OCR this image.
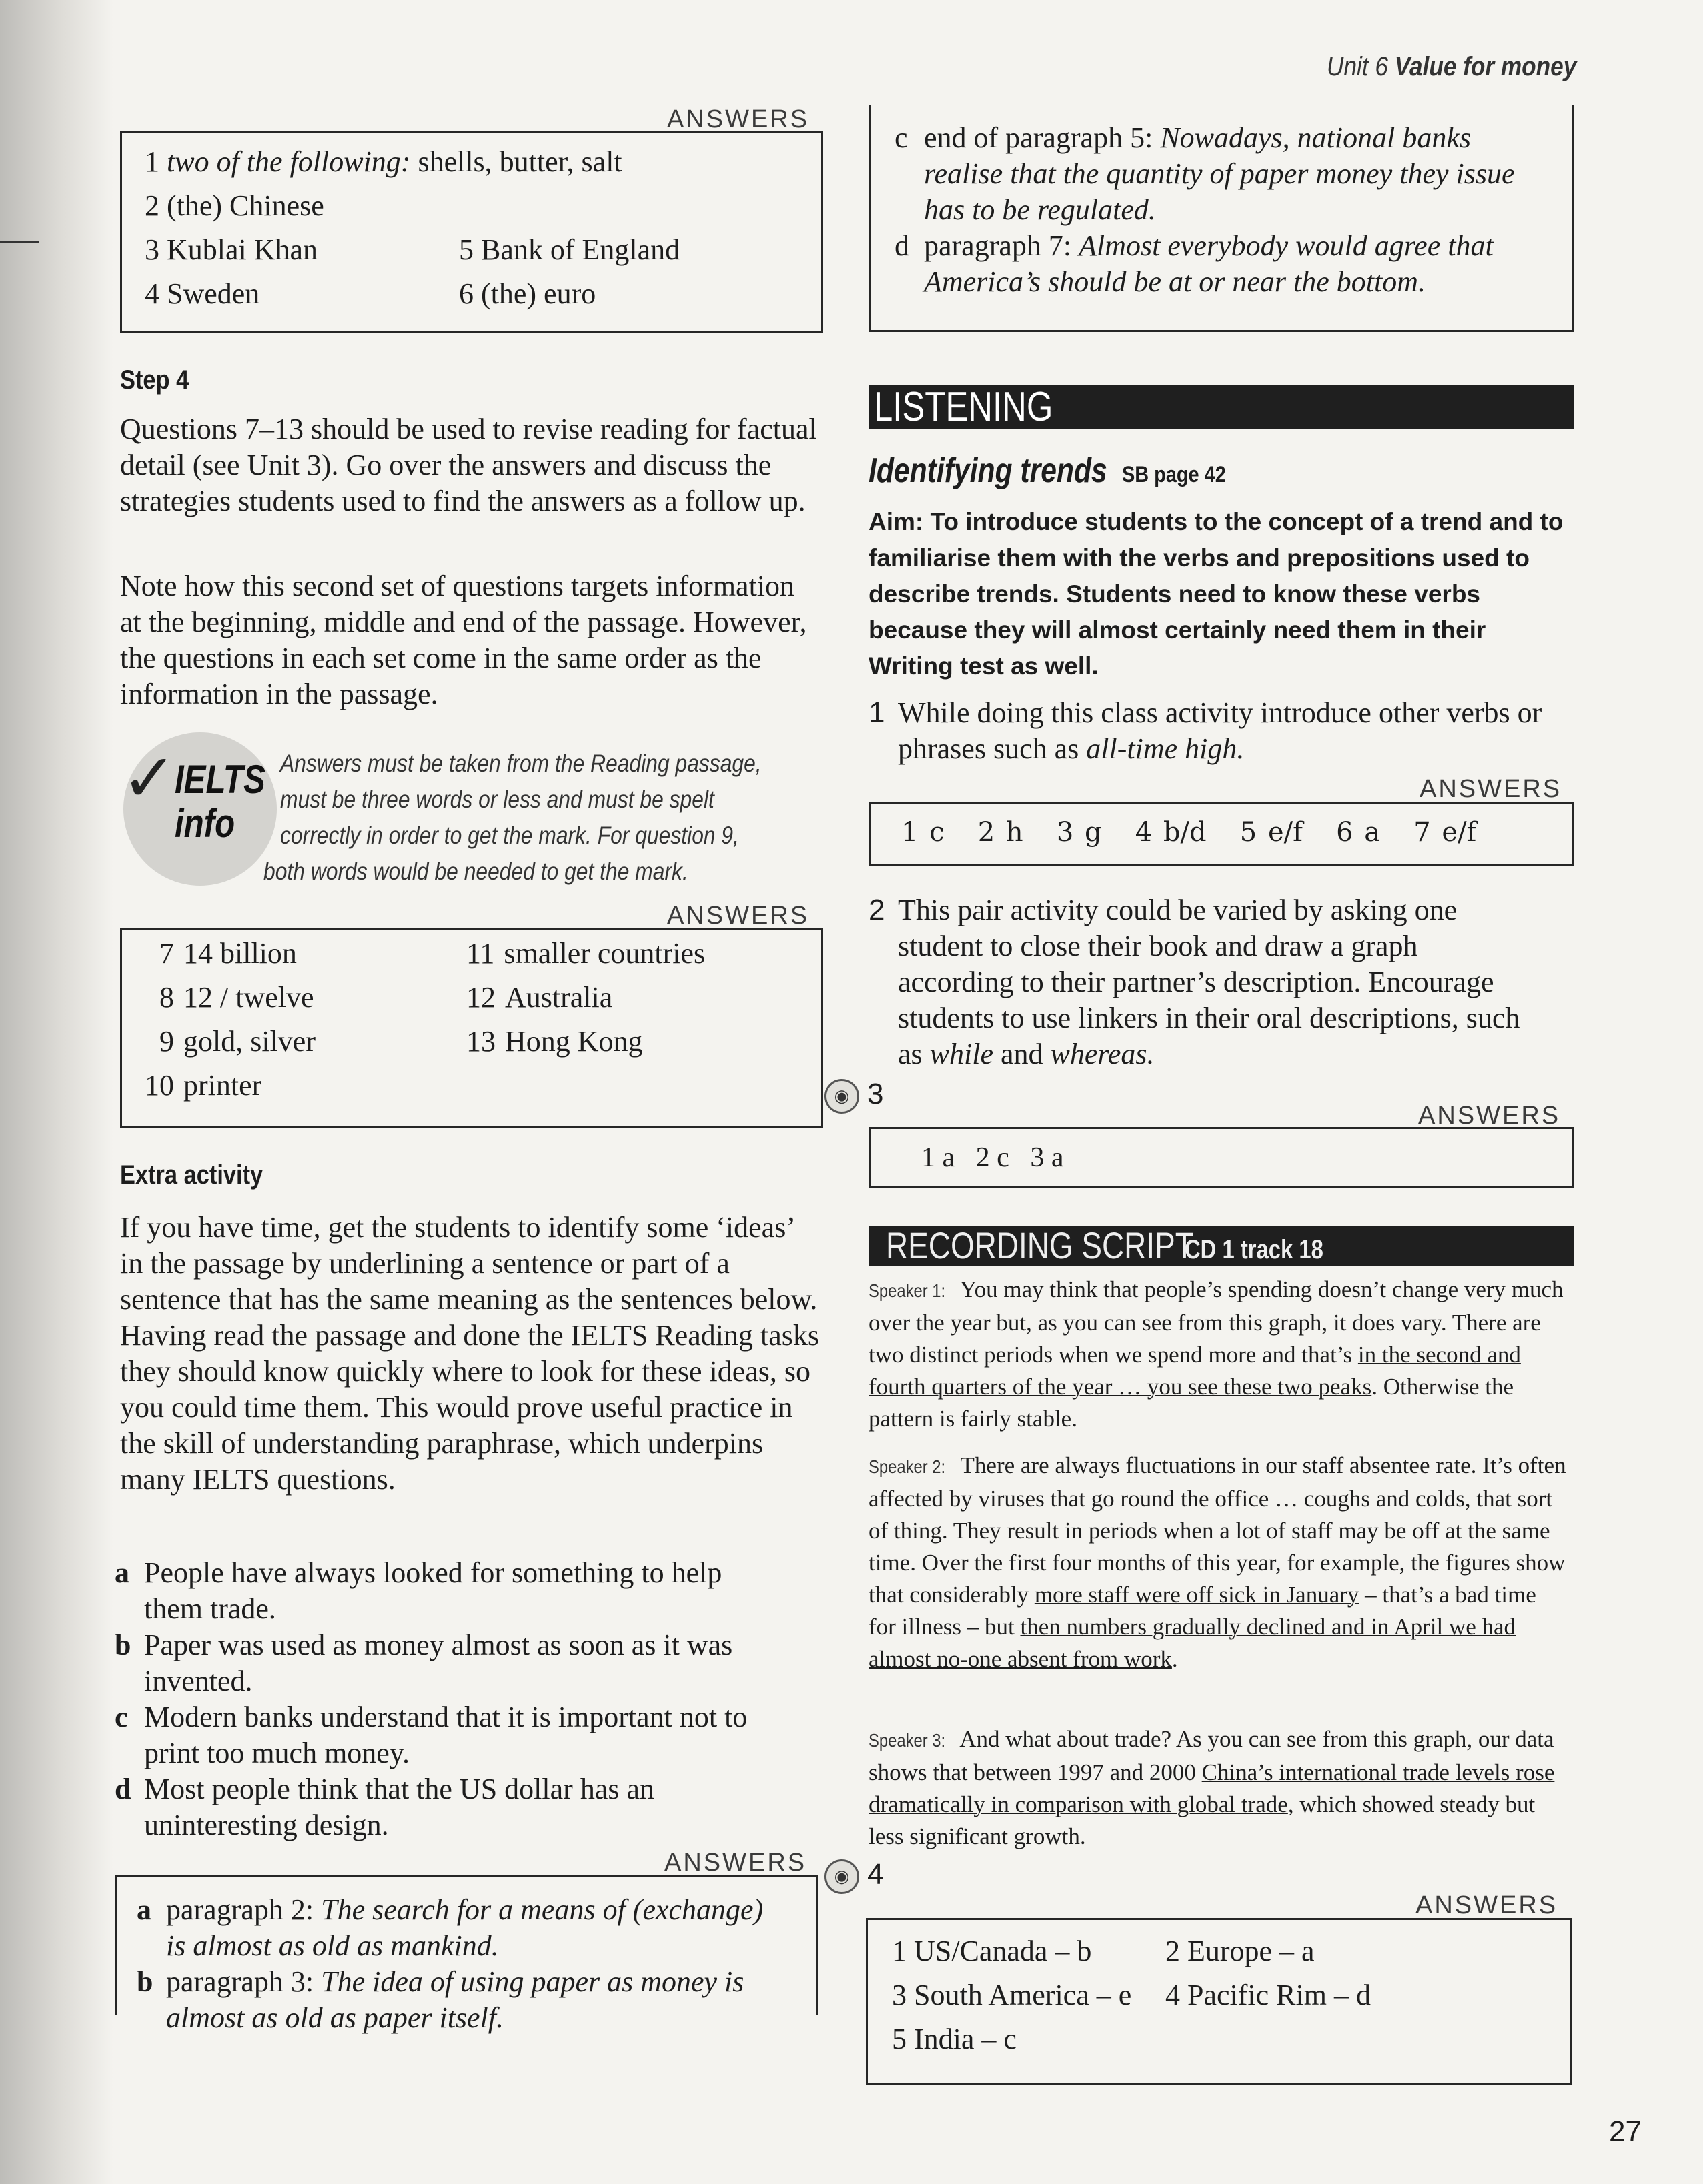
Unit 6 Value for money
ANSWERS
1 two of the following: shells, butter, salt
2 (the) Chinese
3 Kublai Khan
4 Sweden
5 Bank of England
6 (the) euro
Step 4
Questions 7–13 should be used to revise reading for factual detail (see Unit 3). Go over the answers and discuss the strategies students used to find the answers as a follow up.
Note how this second set of questions targets information at the beginning, middle and end of the passage. However, the questions in each set come in the same order as the information in the passage.
✓
IELTS
info
Answers must be taken from the Reading passage,
must be three words or less and must be spelt
correctly in order to get the mark. For question 9,
both words would be needed to get the mark.
ANSWERS
7 14 billion	11 smaller countries
8 12 / twelve	12 Australia
9 gold, silver	13 Hong Kong
10 printer
Extra activity
If you have time, get the students to identify some ‘ideas’ in the passage by underlining a sentence or part of a sentence that has the same meaning as the sentences below. Having read the passage and done the IELTS Reading tasks they should know quickly where to look for these ideas, so you could time them. This would prove useful practice in the skill of understanding paraphrase, which underpins many IELTS questions.
a People have always looked for something to help them trade.
b Paper was used as money almost as soon as it was invented.
c Modern banks understand that it is important not to print too much money.
d Most people think that the US dollar has an uninteresting design.
ANSWERS
a paragraph 2: The search for a means of (exchange) is almost as old as mankind.
b paragraph 3: The idea of using paper as money is almost as old as paper itself.
c end of paragraph 5: Nowadays, national banks realise that the quantity of paper money they issue has to be regulated.
d paragraph 7: Almost everybody would agree that America’s should be at or near the bottom.
LISTENING
Identifying trends SB page 42
Aim: To introduce students to the concept of a trend and to familiarise them with the verbs and prepositions used to describe trends. Students need to know these verbs because they will almost certainly need them in their Writing test as well.
1 While doing this class activity introduce other verbs or phrases such as all-time high.
ANSWERS
1 c 2 h 3 g 4 b/d 5 e/f 6 a 7 e/f
2 This pair activity could be varied by asking one student to close their book and draw a graph according to their partner’s description. Encourage students to use linkers in their oral descriptions, such as while and whereas.
◉ 3
ANSWERS
1 a 2 c 3 a
RECORDING SCRIPT CD 1 track 18
Speaker 1: You may think that people’s spending doesn’t change very much over the year but, as you can see from this graph, it does vary. There are two distinct periods when we spend more and that’s in the second and fourth quarters of the year … you see these two peaks. Otherwise the pattern is fairly stable.
Speaker 2: There are always fluctuations in our staff absentee rate. It’s often affected by viruses that go round the office … coughs and colds, that sort of thing. They result in periods when a lot of staff may be off at the same time. Over the first four months of this year, for example, the figures show that considerably more staff were off sick in January – that’s a bad time for illness – but then numbers gradually declined and in April we had almost no-one absent from work.
Speaker 3: And what about trade? As you can see from this graph, our data shows that between 1997 and 2000 China’s international trade levels rose dramatically in comparison with global trade, which showed steady but less significant growth.
◉ 4
ANSWERS
1 US/Canada – b	2 Europe – a
3 South America – e 4 Pacific Rim – d
5 India – c
27
